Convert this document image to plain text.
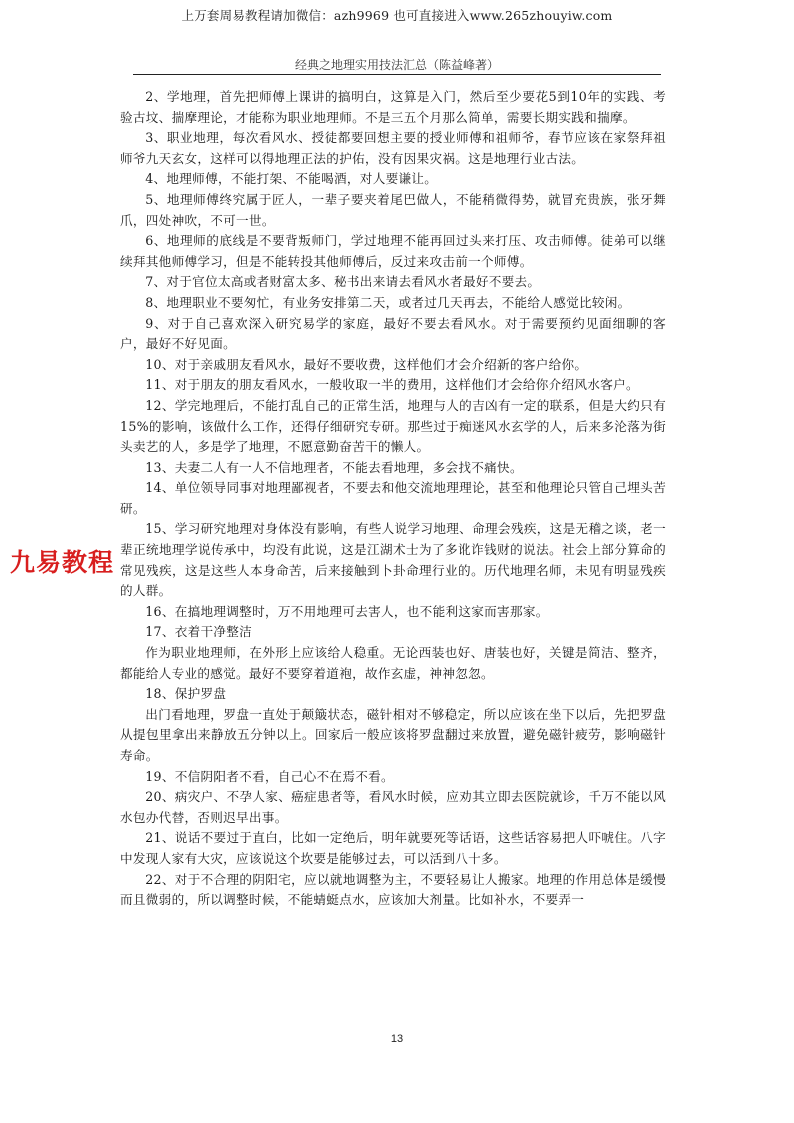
上万套周易教程请加微信：azh9969 也可直接进入www.265zhouyiw.com
经典之地理实用技法汇总（陈益峰著）

2、学地理，首先把师傅上课讲的搞明白，这算是入门，然后至少要花5到10年的实践、考验古坟、揣摩理论，才能称为职业地理师。不是三五个月那么简单，需要长期实践和揣摩。

3、职业地理，每次看风水、授徒都要回想主要的授业师傅和祖师爷，春节应该在家祭拜祖师爷九天玄女，这样可以得地理正法的护佑，没有因果灾祸。这是地理行业古法。

4、地理师傅，不能打架、不能喝酒，对人要谦让。

5、地理师傅终究属于匠人，一辈子要夹着尾巴做人，不能稍微得势，就冒充贵族，张牙舞爪，四处神吹，不可一世。

6、地理师的底线是不要背叛师门，学过地理不能再回过头来打压、攻击师傅。徒弟可以继续拜其他师傅学习，但是不能转投其他师傅后，反过来攻击前一个师傅。

7、对于官位太高或者财富太多、秘书出来请去看风水者最好不要去。

8、地理职业不要匆忙，有业务安排第二天，或者过几天再去，不能给人感觉比较闲。

9、对于自己喜欢深入研究易学的家庭，最好不要去看风水。对于需要预约见面细聊的客户，最好不好见面。

10、对于亲戚朋友看风水，最好不要收费，这样他们才会介绍新的客户给你。

11、对于朋友的朋友看风水，一般收取一半的费用，这样他们才会给你介绍风水客户。

12、学完地理后，不能打乱自己的正常生活，地理与人的吉凶有一定的联系，但是大约只有15%的影响，该做什么工作，还得仔细研究专研。那些过于痴迷风水玄学的人，后来多沦落为街头卖艺的人，多是学了地理，不愿意勤奋苦干的懒人。

13、夫妻二人有一人不信地理者，不能去看地理，多会找不痛快。

14、单位领导同事对地理鄙视者，不要去和他交流地理理论，甚至和他理论只管自己埋头苦研。

15、学习研究地理对身体没有影响，有些人说学习地理、命理会残疾，这是无稽之谈，老一辈正统地理学说传承中，均没有此说，这是江湖术士为了多讹诈钱财的说法。社会上部分算命的常见残疾，这是这些人本身命苦，后来接触到卜卦命理行业的。历代地理名师，未见有明显残疾的人群。

16、在搞地理调整时，万不用地理可去害人，也不能利这家而害那家。

17、衣着干净整洁

作为职业地理师，在外形上应该给人稳重。无论西装也好、唐装也好，关键是简洁、整齐，都能给人专业的感觉。最好不要穿着道袍，故作玄虚，神神忽忽。

18、保护罗盘

出门看地理，罗盘一直处于颠簸状态，磁针相对不够稳定，所以应该在坐下以后，先把罗盘从提包里拿出来静放五分钟以上。回家后一般应该将罗盘翻过来放置，避免磁针疲劳，影响磁针寿命。

19、不信阴阳者不看，自己心不在焉不看。

20、病灾户、不孕人家、癌症患者等，看风水时候，应劝其立即去医院就诊，千万不能以风水包办代替，否则迟早出事。

21、说话不要过于直白，比如一定绝后，明年就要死等话语，这些话容易把人吓唬住。八字中发现人家有大灾，应该说这个坎要是能够过去，可以活到八十多。

22、对于不合理的阴阳宅，应以就地调整为主，不要轻易让人搬家。地理的作用总体是缓慢而且微弱的，所以调整时候，不能蜻蜓点水，应该加大剂量。比如补水，不要弄一

九易教程
13
